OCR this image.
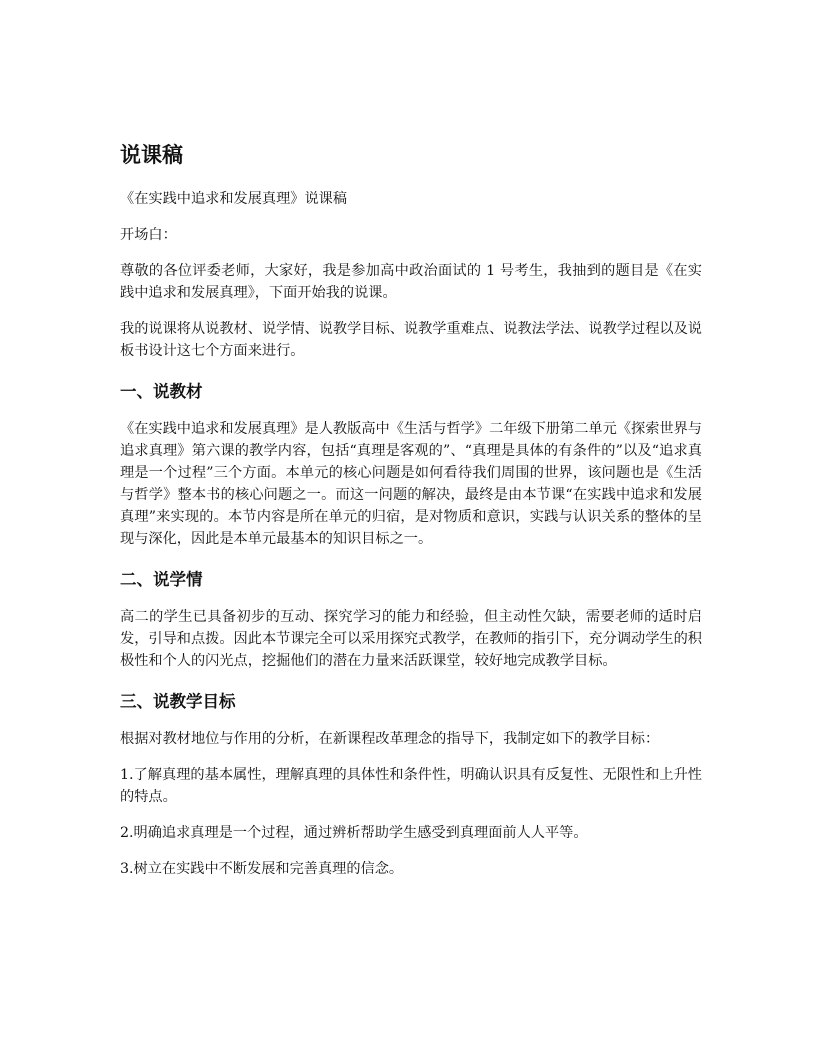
说课稿

《在实践中追求和发展真理》说课稿

开场白：

尊敬的各位评委老师，大家好，我是参加高中政治面试的 1 号考生，我抽到的题目是《在实践中追求和发展真理》，下面开始我的说课。

我的说课将从说教材、说学情、说教学目标、说教学重难点、说教法学法、说教学过程以及说板书设计这七个方面来进行。

一、说教材

《在实践中追求和发展真理》是人教版高中《生活与哲学》二年级下册第二单元《探索世界与追求真理》第六课的教学内容，包括“真理是客观的”、“真理是具体的有条件的”以及“追求真理是一个过程”三个方面。本单元的核心问题是如何看待我们周围的世界，该问题也是《生活与哲学》整本书的核心问题之一。而这一问题的解决，最终是由本节课“在实践中追求和发展真理”来实现的。本节内容是所在单元的归宿，是对物质和意识，实践与认识关系的整体的呈现与深化，因此是本单元最基本的知识目标之一。

二、说学情

高二的学生已具备初步的互动、探究学习的能力和经验，但主动性欠缺，需要老师的适时启发，引导和点拨。因此本节课完全可以采用探究式教学，在教师的指引下，充分调动学生的积极性和个人的闪光点，挖掘他们的潜在力量来活跃课堂，较好地完成教学目标。

三、说教学目标

根据对教材地位与作用的分析，在新课程改革理念的指导下，我制定如下的教学目标：

1.了解真理的基本属性，理解真理的具体性和条件性，明确认识具有反复性、无限性和上升性的特点。

2.明确追求真理是一个过程，通过辨析帮助学生感受到真理面前人人平等。

3.树立在实践中不断发展和完善真理的信念。
